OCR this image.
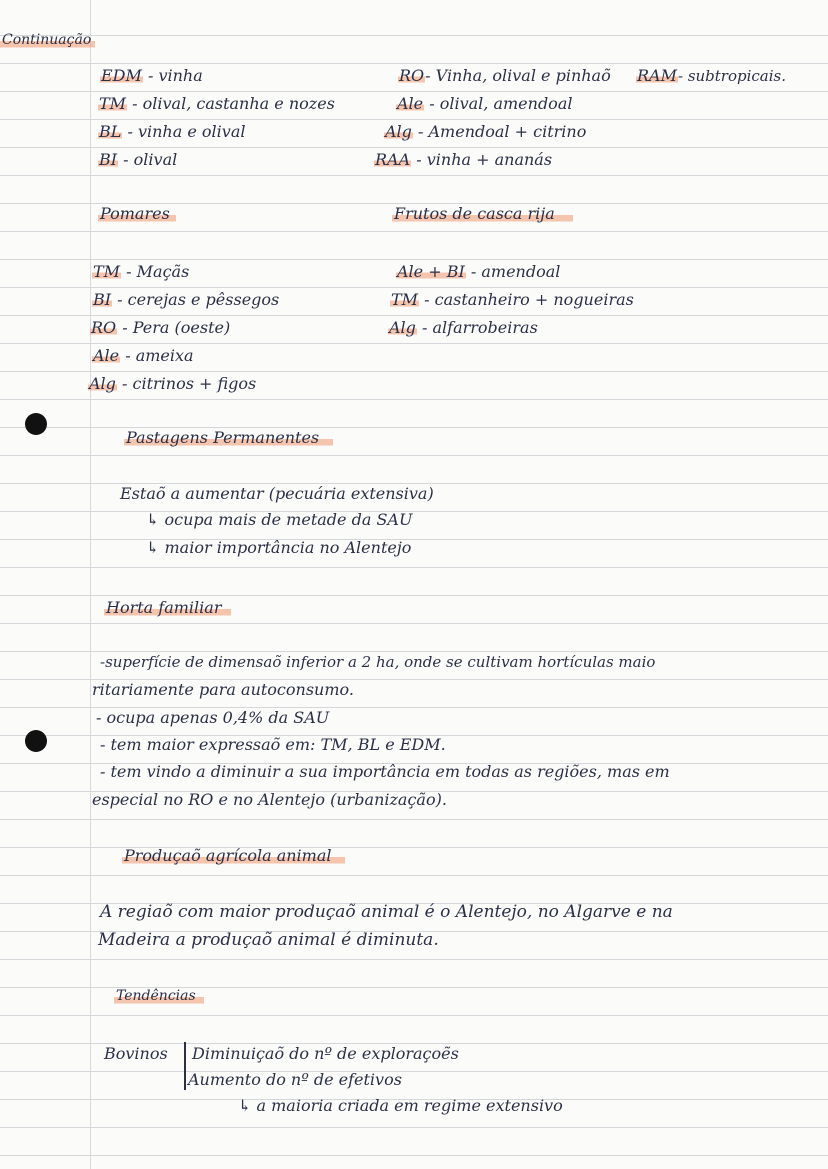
Continuação
EDM - vinha
TM - olival, castanha e nozes
BL - vinha e olival
BI - olival
RO- Vinha, olival e pinhaõ RAM- subtropicais.
Ale - olival, amendoal
Alg - Amendoal + citrino
RAA - vinha + ananás
Pomares	Frutos de casca rija
TM - Maçãs
BI - cerejas e pêssegos
RO - Pera (oeste)
Ale - ameixa
Alg - citrinos + figos
Ale + BI - amendoal
TM - castanheiro + nogueiras
Alg - alfarrobeiras
Pastagens Permanentes
Estaõ a aumentar (pecuária extensiva)
↳ ocupa mais de metade da SAU
↳ maior importância no Alentejo
Horta familiar
-superfície de dimensaõ inferior a 2 ha, onde se cultivam hortículas maio
ritariamente para autoconsumo.
- ocupa apenas 0,4% da SAU
- tem maior expressaõ em: TM, BL e EDM.
- tem vindo a diminuir a sua importância em todas as regiões, mas em
especial no RO e no Alentejo (urbanização).
Produçaõ agrícola animal
A regiaõ com maior produçaõ animal é o Alentejo, no Algarve e na
Madeira a produçaõ animal é diminuta.
Tendências
Bovinos Diminuiçaõ do nº de exploraçoẽs
Aumento do nº de efetivos
↳ a maioria criada em regime extensivo
